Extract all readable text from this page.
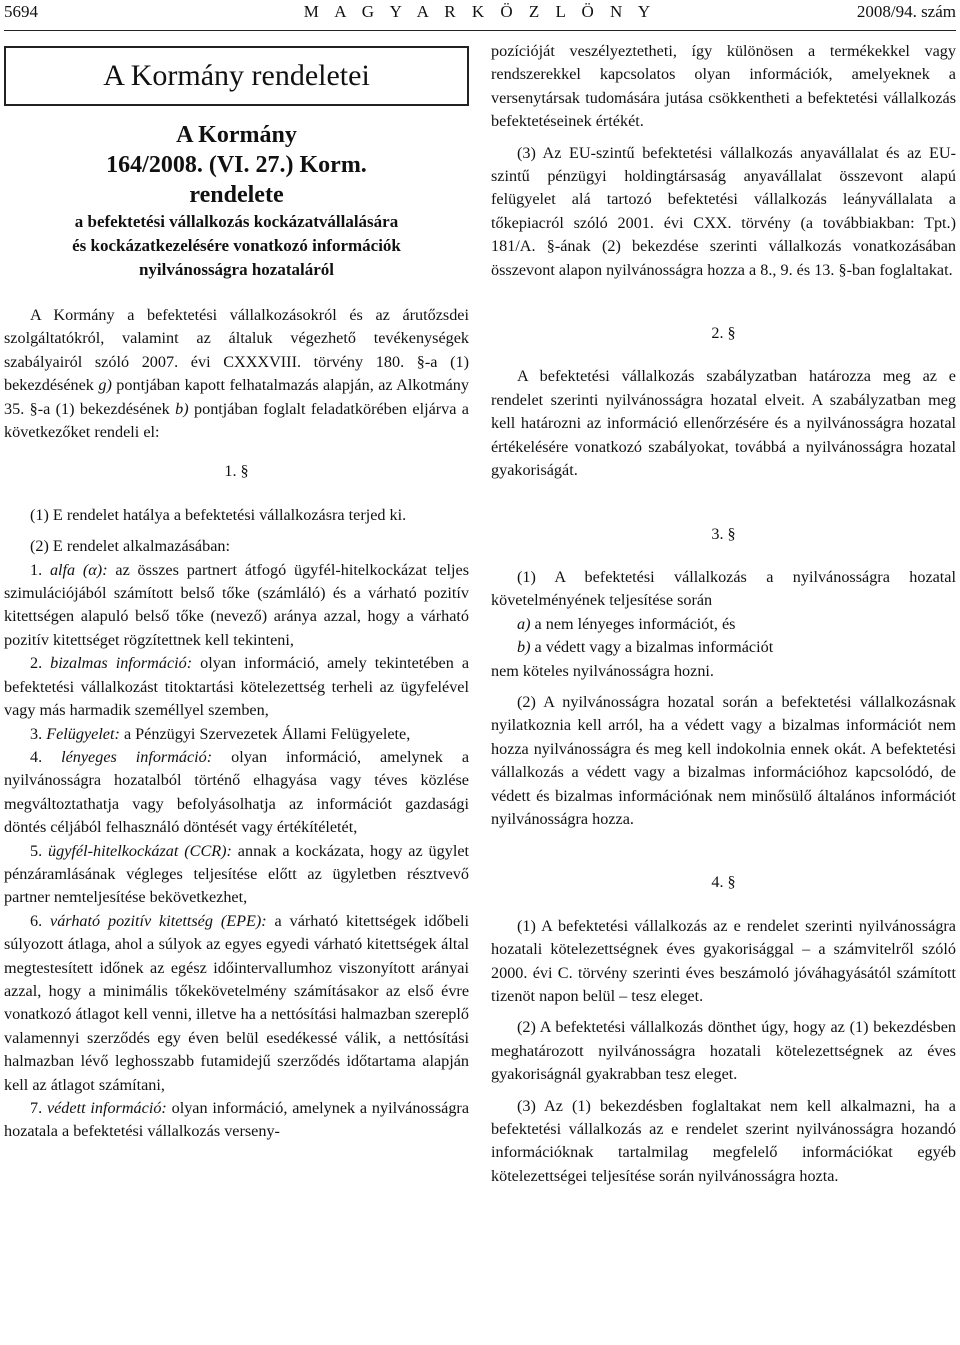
5694	M A G Y A R K Ö Z L Ö N Y	2008/94. szám
A Kormány rendeletei
A Kormány
164/2008. (VI. 27.) Korm.
rendelete
a befektetési vállalkozás kockázatvállalására
és kockázatkezelésére vonatkozó információk
nyilvánosságra hozataláról

A Kormány a befektetési vállalkozásokról és az árutőzsdei szolgáltatókról, valamint az általuk végezhető tevékenységek szabályairól szóló 2007. évi CXXXVIII. törvény 180. §-a (1) bekezdésének g) pontjában kapott felhatalmazás alapján, az Alkotmány 35. §-a (1) bekezdésének b) pontjában foglalt feladatkörében eljárva a következőket rendeli el:

1. §

(1) E rendelet hatálya a befektetési vállalkozásra terjed ki.

(2) E rendelet alkalmazásában:

1. alfa (α): az összes partnert átfogó ügyfél-hitelkockázat teljes szimulációjából számított belső tőke (számláló) és a várható pozitív kitettségen alapuló belső tőke (nevező) aránya azzal, hogy a várható pozitív kitettséget rögzítettnek kell tekinteni,

2. bizalmas információ: olyan információ, amely tekintetében a befektetési vállalkozást titoktartási kötelezettség terheli az ügyfelével vagy más harmadik személlyel szemben,

3. Felügyelet: a Pénzügyi Szervezetek Állami Felügyelete,

4. lényeges információ: olyan információ, amelynek a nyilvánosságra hozatalból történő elhagyása vagy téves közlése megváltoztathatja vagy befolyásolhatja az információt gazdasági döntés céljából felhasználó döntését vagy értékítéletét,

5. ügyfél-hitelkockázat (CCR): annak a kockázata, hogy az ügylet pénzáramlásának végleges teljesítése előtt az ügyletben résztvevő partner nemteljesítése bekövetkezhet,

6. várható pozitív kitettség (EPE): a várható kitettségek időbeli súlyozott átlaga, ahol a súlyok az egyes egyedi várható kitettségek által megtestesített időnek az egész időintervallumhoz viszonyított arányai azzal, hogy a minimális tőkekövetelmény számításakor az első évre vonatkozó átlagot kell venni, illetve ha a nettósítási halmazban szereplő valamennyi szerződés egy éven belül esedékessé válik, a nettósítási halmazban lévő leghosszabb futamidejű szerződés időtartama alapján kell az átlagot számítani,

7. védett információ: olyan információ, amelynek a nyilvánosságra hozatala a befektetési vállalkozás verseny-

pozícióját veszélyeztetheti, így különösen a termékekkel vagy rendszerekkel kapcsolatos olyan információk, amelyeknek a versenytársak tudomására jutása csökkentheti a befektetési vállalkozás befektetéseinek értékét.

(3) Az EU-szintű befektetési vállalkozás anyavállalat és az EU-szintű pénzügyi holdingtársaság anyavállalat összevont alapú felügyelet alá tartozó befektetési vállalkozás leányvállalata a tőkepiacról szóló 2001. évi CXX. törvény (a továbbiakban: Tpt.) 181/A. §-ának (2) bekezdése szerinti vállalkozás vonatkozásában összevont alapon nyilvánosságra hozza a 8., 9. és 13. §-ban foglaltakat.

2. §

A befektetési vállalkozás szabályzatban határozza meg az e rendelet szerinti nyilvánosságra hozatal elveit. A szabályzatban meg kell határozni az információ ellenőrzésére és a nyilvánosságra hozatal értékelésére vonatkozó szabályokat, továbbá a nyilvánosságra hozatal gyakoriságát.

3. §

(1) A befektetési vállalkozás a nyilvánosságra hozatal követelményének teljesítése során

a) a nem lényeges információt, és

b) a védett vagy a bizalmas információt

nem köteles nyilvánosságra hozni.

(2) A nyilvánosságra hozatal során a befektetési vállalkozásnak nyilatkoznia kell arról, ha a védett vagy a bizalmas információt nem hozza nyilvánosságra és meg kell indokolnia ennek okát. A befektetési vállalkozás a védett vagy a bizalmas információhoz kapcsolódó, de védett és bizalmas információnak nem minősülő általános információt nyilvánosságra hozza.

4. §

(1) A befektetési vállalkozás az e rendelet szerinti nyilvánosságra hozatali kötelezettségnek éves gyakorisággal – a számvitelről szóló 2000. évi C. törvény szerinti éves beszámoló jóváhagyásától számított tizenöt napon belül – tesz eleget.

(2) A befektetési vállalkozás dönthet úgy, hogy az (1) bekezdésben meghatározott nyilvánosságra hozatali kötelezettségnek az éves gyakoriságnál gyakrabban tesz eleget.

(3) Az (1) bekezdésben foglaltakat nem kell alkalmazni, ha a befektetési vállalkozás az e rendelet szerint nyilvánosságra hozandó információknak tartalmilag megfelelő információkat egyéb kötelezettségei teljesítése során nyilvánosságra hozta.
